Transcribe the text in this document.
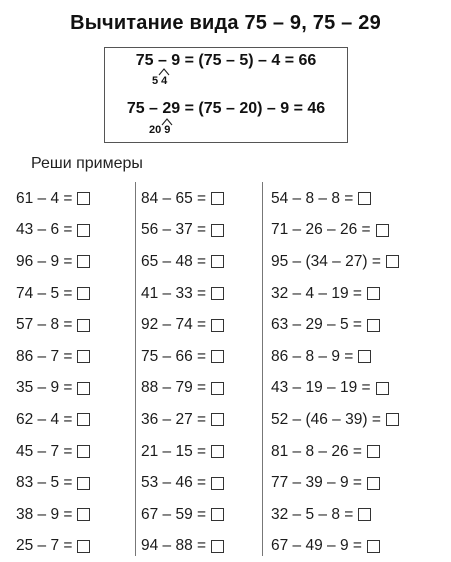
Вычитание вида 75 – 9, 75 – 29
75 – 9 = (75 – 5) – 4 = 66
5 4
75 – 29 = (75 – 20) – 9 = 46
20 9
Реши примеры
61 – 4 =
43 – 6 =
96 – 9 =
74 – 5 =
57 – 8 =
86 – 7 =
35 – 9 =
62 – 4 =
45 – 7 =
83 – 5 =
38 – 9 =
25 – 7 =
84 – 65 =
56 – 37 =
65 – 48 =
41 – 33 =
92 – 74 =
75 – 66 =
88 – 79 =
36 – 27 =
21 – 15 =
53 – 46 =
67 – 59 =
94 – 88 =
54 – 8 – 8 =
71 – 26 – 26 =
95 – (34 – 27) =
32 – 4 – 19 =
63 – 29 – 5 =
86 – 8 – 9 =
43 – 19 – 19 =
52 – (46 – 39) =
81 – 8 – 26 =
77 – 39 – 9 =
32 – 5 – 8 =
67 – 49 – 9 =
